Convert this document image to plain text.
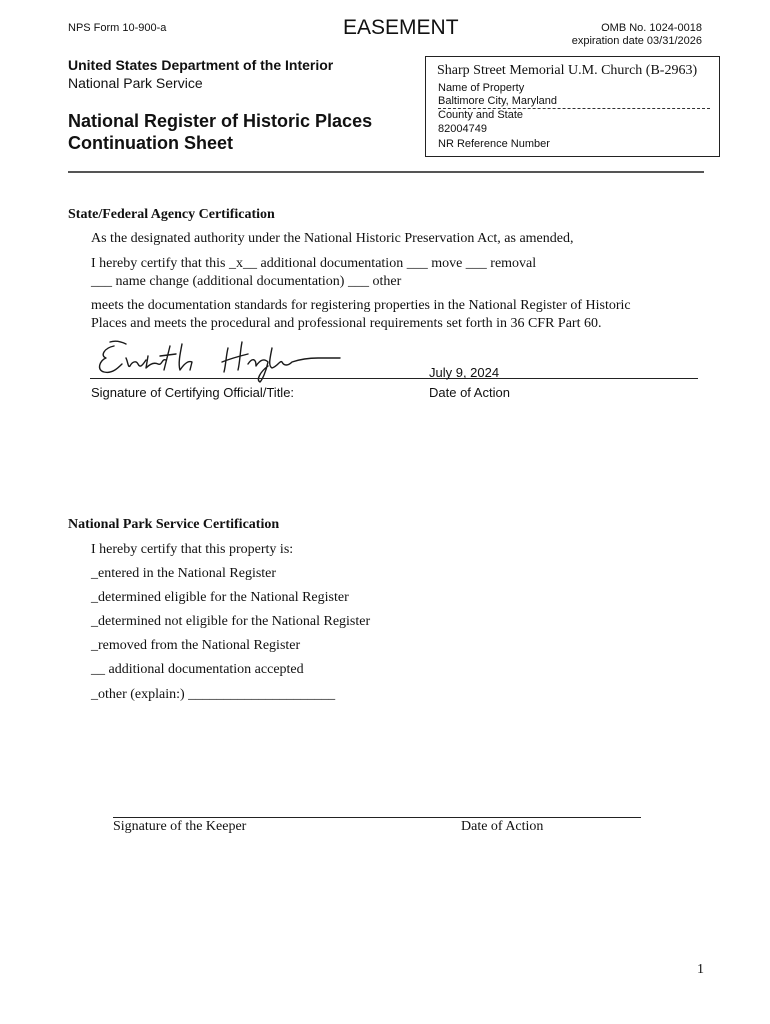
NPS Form 10-900-a	EASEMENT	OMB No. 1024-0018
expiration date 03/31/2026
United States Department of the Interior
National Park Service
National Register of Historic Places
Continuation Sheet
Sharp Street Memorial U.M. Church (B-2963)
Name of Property
Baltimore City, Maryland
County and State
82004749
NR Reference Number
State/Federal Agency Certification
As the designated authority under the National Historic Preservation Act, as amended,
I hereby certify that this _x__ additional documentation ___ move ___ removal
___ name change (additional documentation) ___ other
meets the documentation standards for registering properties in the National Register of Historic
Places and meets the procedural and professional requirements set forth in 36 CFR Part 60.
July 9, 2024
Signature of Certifying Official/Title:	Date of Action
National Park Service Certification
I hereby certify that this property is:
_entered in the National Register
_determined eligible for the National Register
_determined not eligible for the National Register
_removed from the National Register
__ additional documentation accepted
_other (explain:) _____________________
Signature of the Keeper	Date of Action
1
